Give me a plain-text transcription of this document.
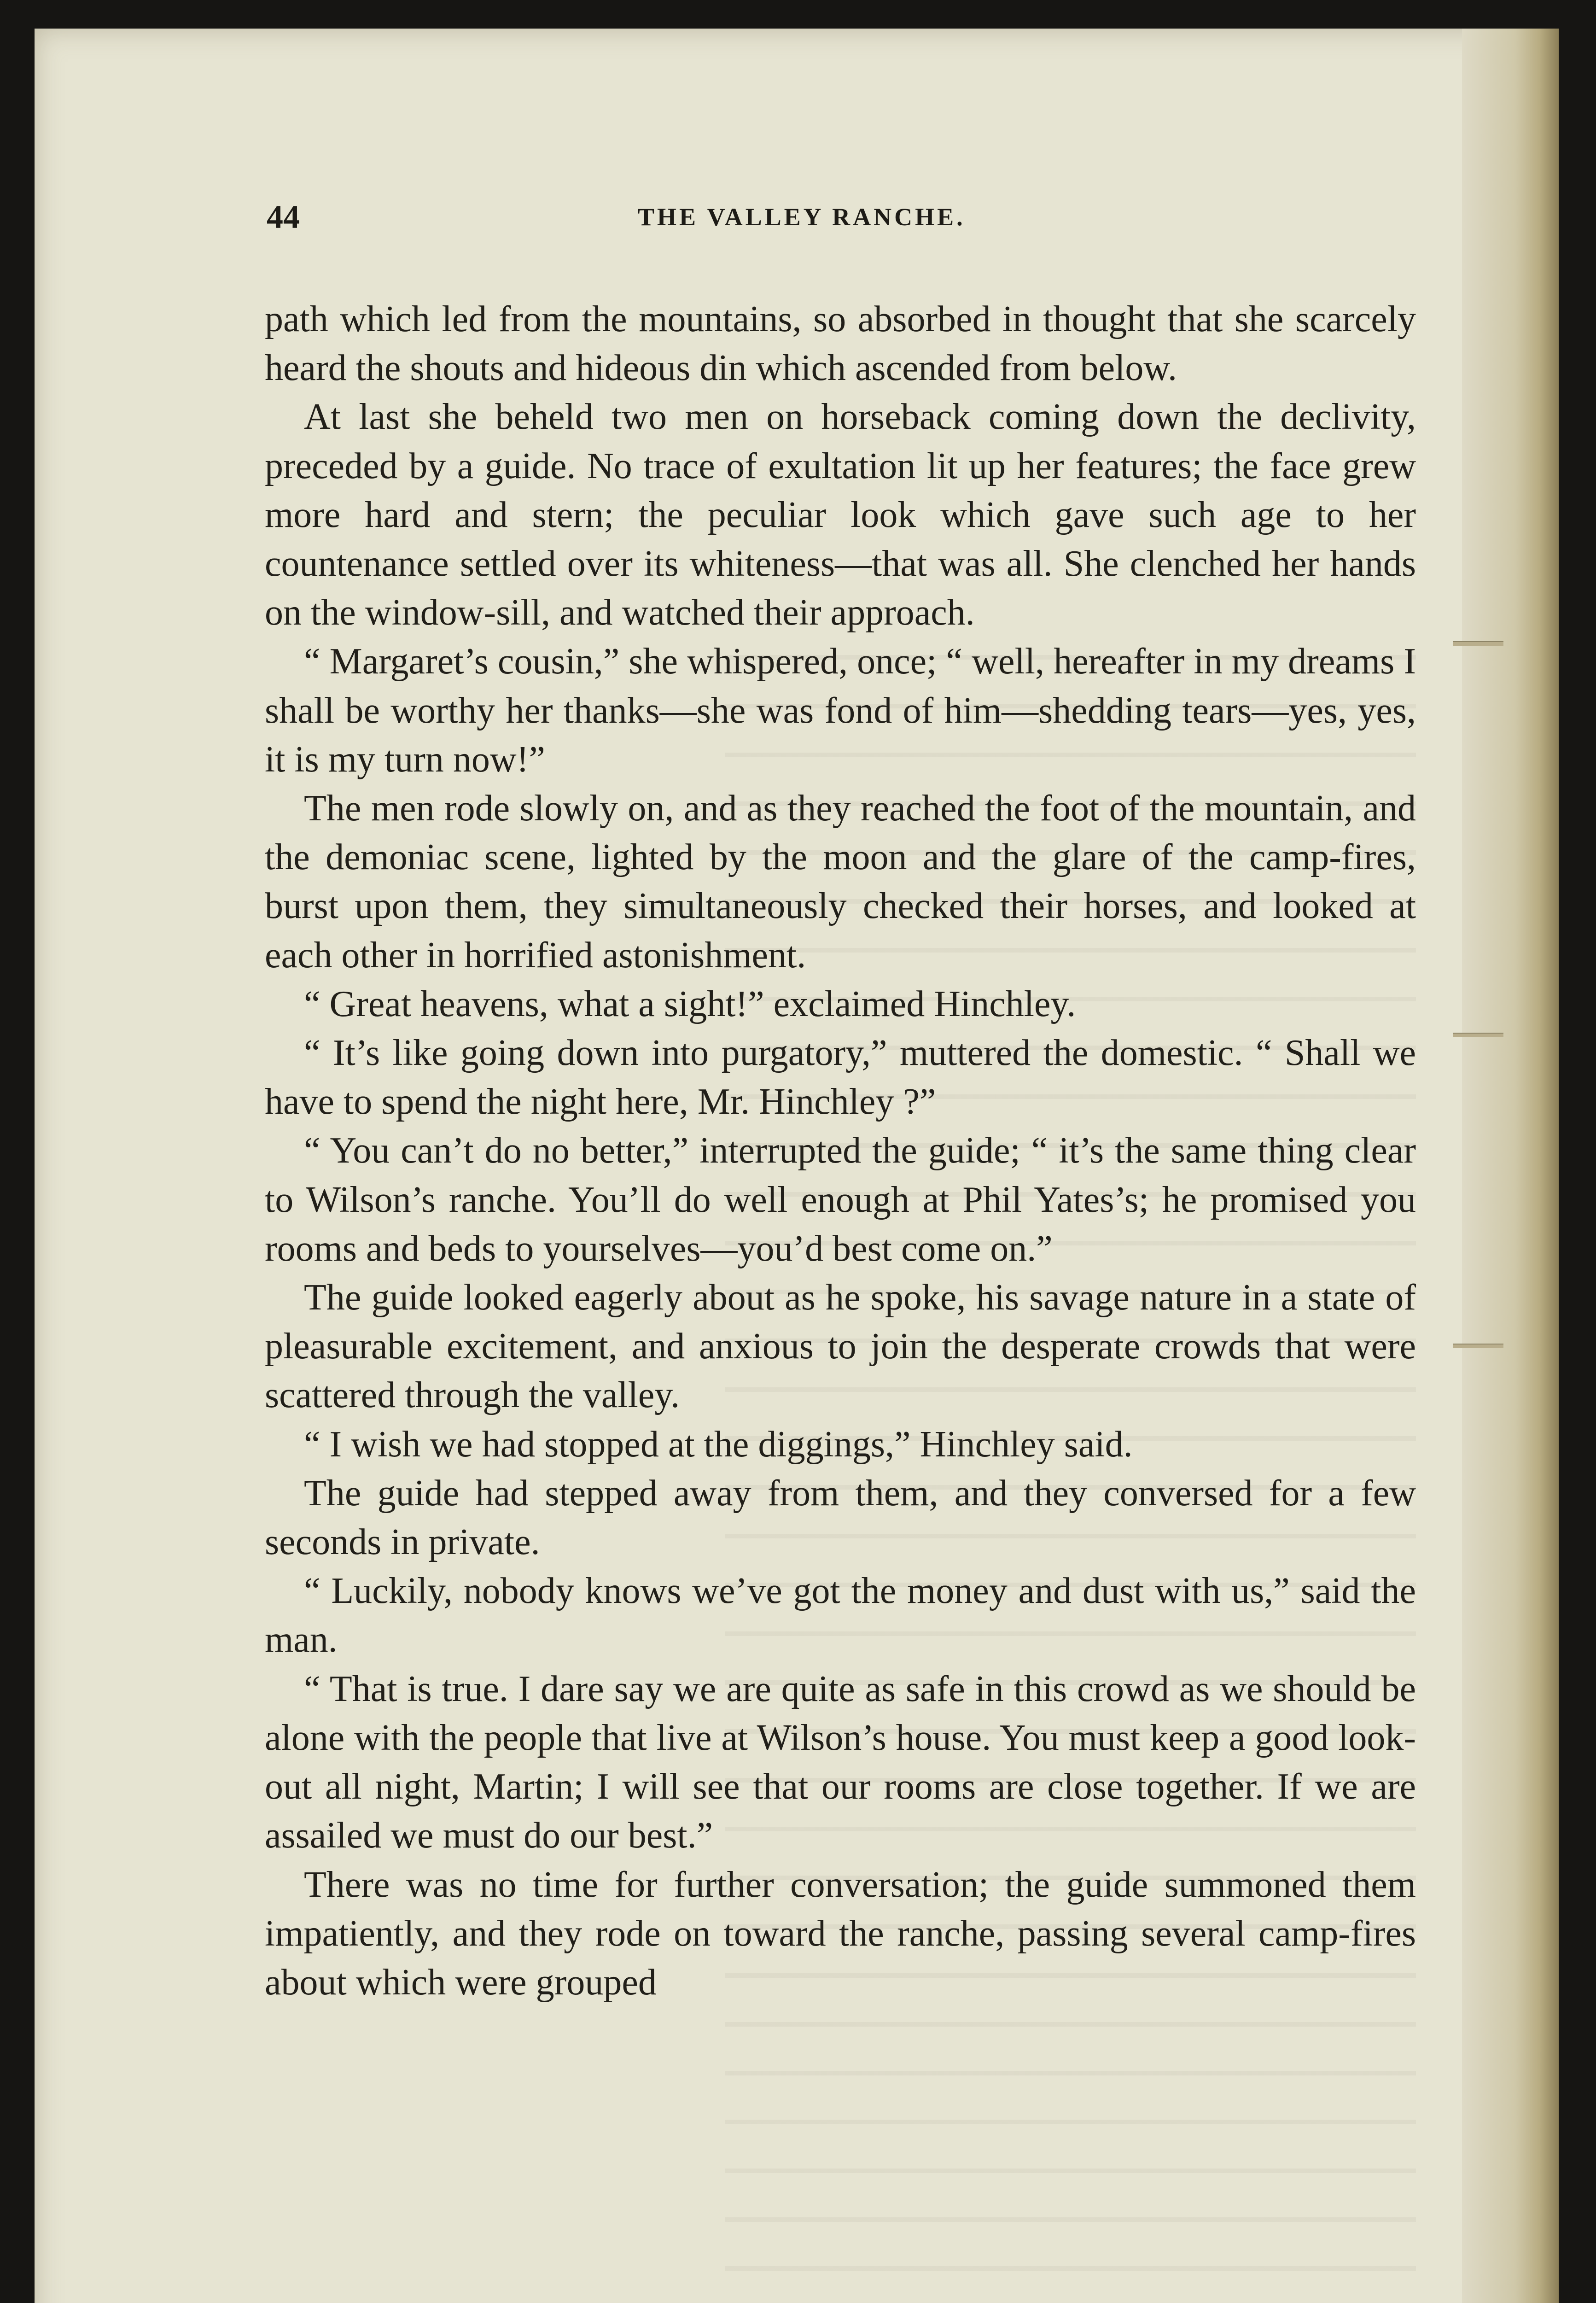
44	THE VALLEY RANCHE.

path which led from the mountains, so absorbed in thought that she scarcely heard the shouts and hideous din which ascended from below.

At last she beheld two men on horseback coming down the declivity, preceded by a guide. No trace of exultation lit up her features; the face grew more hard and stern; the peculiar look which gave such age to her countenance settled over its whiteness—that was all. She clenched her hands on the window-sill, and watched their approach.

“ Margaret’s cousin,” she whispered, once; “ well, hereafter in my dreams I shall be worthy her thanks—she was fond of him—shedding tears—yes, yes, it is my turn now!”

The men rode slowly on, and as they reached the foot of the mountain, and the demoniac scene, lighted by the moon and the glare of the camp-fires, burst upon them, they simultaneously checked their horses, and looked at each other in horrified astonishment.

“ Great heavens, what a sight!” exclaimed Hinchley.

“ It’s like going down into purgatory,” muttered the domestic. “ Shall we have to spend the night here, Mr. Hinchley ?”

“ You can’t do no better,” interrupted the guide; “ it’s the same thing clear to Wilson’s ranche. You’ll do well enough at Phil Yates’s; he promised you rooms and beds to yourselves—you’d best come on.”

The guide looked eagerly about as he spoke, his savage nature in a state of pleasurable excitement, and anxious to join the desperate crowds that were scattered through the valley.

“ I wish we had stopped at the diggings,” Hinchley said.

The guide had stepped away from them, and they conversed for a few seconds in private.

“ Luckily, nobody knows we’ve got the money and dust with us,” said the man.

“ That is true. I dare say we are quite as safe in this crowd as we should be alone with the people that live at Wilson’s house. You must keep a good look-out all night, Martin; I will see that our rooms are close together. If we are assailed we must do our best.”

There was no time for further conversation; the guide summoned them impatiently, and they rode on toward the ranche, passing several camp-fires about which were grouped
